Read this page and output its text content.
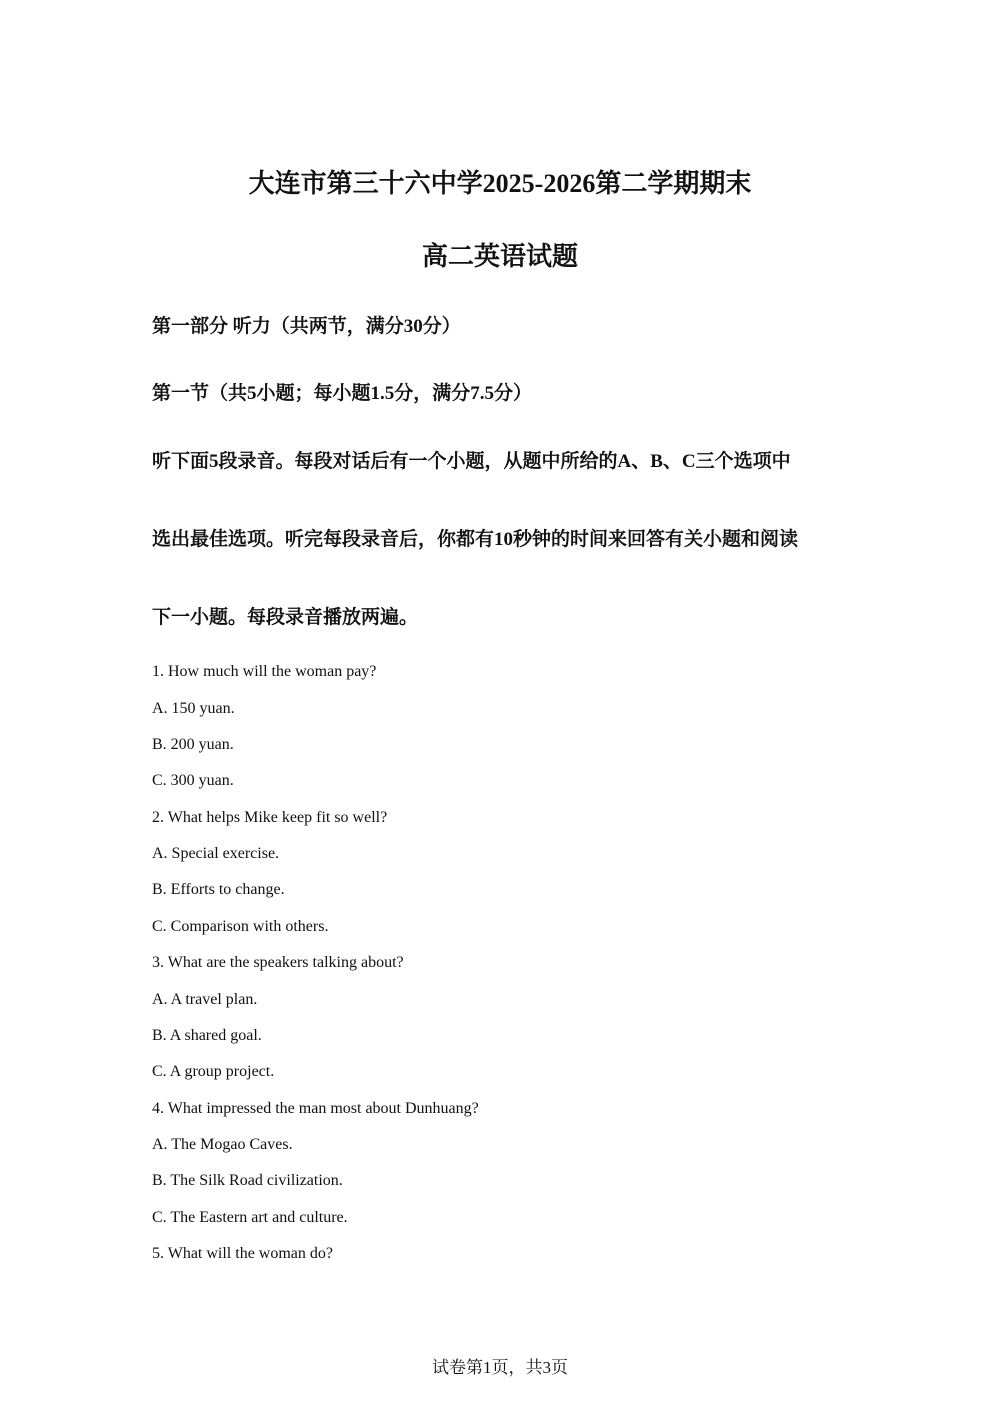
大连市第三十六中学2025-2026第二学期期末
高二英语试题
第一部分 听力（共两节，满分30分）
第一节（共5小题；每小题1.5分，满分7.5分）
听下面5段录音。每段对话后有一个小题，从题中所给的A、B、C三个选项中
选出最佳选项。听完每段录音后，你都有10秒钟的时间来回答有关小题和阅读
下一小题。每段录音播放两遍。
1. How much will the woman pay?
A. 150 yuan.
B. 200 yuan.
C. 300 yuan.
2. What helps Mike keep fit so well?
A. Special exercise.
B. Efforts to change.
C. Comparison with others.
3. What are the speakers talking about?
A. A travel plan.
B. A shared goal.
C. A group project.
4. What impressed the man most about Dunhuang?
A. The Mogao Caves.
B. The Silk Road civilization.
C. The Eastern art and culture.
5. What will the woman do?
试卷第1页，共3页
